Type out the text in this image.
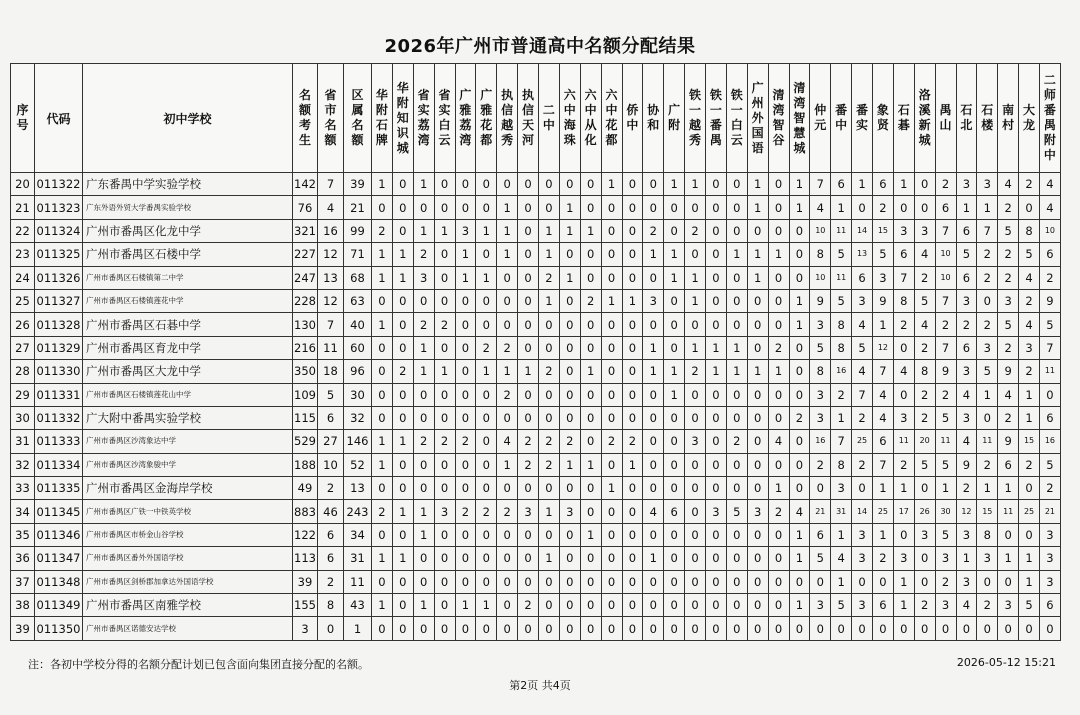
2026年广州市普通高中名额分配结果
序号	代码	初中学校	名额考生	省市名额	区属名额	华附石牌	华附知识城	省实荔湾	省实白云	广雅荔湾	广雅花都	执信越秀	执信天河	二中	六中海珠	六中从化	六中花都	侨中	协和	广附	铁一越秀	铁一番禺	铁一白云	广州外国语	清湾智谷	清湾智慧城	仲元	番中	番实	象贤	石碁	洛溪新城	禺山	石北	石楼	南村	大龙	二师番禺附中
20	011322	广东番禺中学实验学校	142	7	39	1	0	1	0	0	0	0	0	0	0	0	1	0	0	1	1	0	0	1	0	1	7	6	1	6	1	0	2	3	3	4	2	4
21	011323	广东外语外贸大学番禺实验学校	76	4	21	0	0	0	0	0	0	1	0	0	1	0	0	0	0	0	0	0	0	1	0	1	4	1	0	2	0	0	6	1	1	2	0	4
22	011324	广州市番禺区化龙中学	321	16	99	2	0	1	1	3	1	1	0	1	1	1	0	0	2	0	2	0	0	0	0	0	10	11	14	15	3	3	7	6	7	5	8	10
23	011325	广州市番禺区石楼中学	227	12	71	1	1	2	0	1	0	1	0	1	0	0	0	0	1	1	0	0	1	1	1	0	8	5	13	5	6	4	10	5	2	2	5	6
24	011326	广州市番禺区石楼镇第二中学	247	13	68	1	1	3	0	1	1	0	0	2	1	0	0	0	0	1	1	0	0	1	0	0	10	11	6	3	7	2	10	6	2	2	4	2
25	011327	广州市番禺区石楼镇莲花中学	228	12	63	0	0	0	0	0	0	0	0	1	0	2	1	1	3	0	1	0	0	0	0	1	9	5	3	9	8	5	7	3	0	3	2	9
26	011328	广州市番禺区石碁中学	130	7	40	1	0	2	2	0	0	0	0	0	0	0	0	0	0	0	0	0	0	0	0	1	3	8	4	1	2	4	2	2	2	5	4	5
27	011329	广州市番禺区育龙中学	216	11	60	0	0	1	0	0	2	2	0	0	0	0	0	0	1	0	1	1	1	0	2	0	5	8	5	12	0	2	7	6	3	2	3	7
28	011330	广州市番禺区大龙中学	350	18	96	0	2	1	1	0	1	1	1	2	0	1	0	0	1	1	2	1	1	1	1	0	8	16	4	7	4	8	9	3	5	9	2	11
29	011331	广州市番禺区石楼镇莲花山中学	109	5	30	0	0	0	0	0	0	2	0	0	0	0	0	0	0	1	0	0	0	0	0	0	3	2	7	4	0	2	2	4	1	4	1	0
30	011332	广大附中番禺实验学校	115	6	32	0	0	0	0	0	0	0	0	0	0	0	0	0	0	0	0	0	0	0	0	2	3	1	2	4	3	2	5	3	0	2	1	6
31	011333	广州市番禺区沙湾象达中学	529	27	146	1	1	2	2	2	0	4	2	2	2	0	2	2	0	0	3	0	2	0	4	0	16	7	25	6	11	20	11	4	11	9	15	16
32	011334	广州市番禺区沙湾象骏中学	188	10	52	1	0	0	0	0	0	1	2	2	1	1	0	1	0	0	0	0	0	0	0	0	2	8	2	7	2	5	5	9	2	6	2	5
33	011335	广州市番禺区金海岸学校	49	2	13	0	0	0	0	0	0	0	0	0	0	0	1	0	0	0	0	0	0	0	1	0	0	3	0	1	1	0	1	2	1	1	0	2
34	011345	广州市番禺区广铁一中铁英学校	883	46	243	2	1	1	3	2	2	2	3	1	3	0	0	0	4	6	0	3	5	3	2	4	21	31	14	25	17	26	30	12	15	11	25	21
35	011346	广州市番禺区市桥金山谷学校	122	6	34	0	0	1	0	0	0	0	0	0	0	1	0	0	0	0	0	0	0	0	0	1	6	1	3	1	0	3	5	3	8	0	0	3
36	011347	广州市番禺区番外外国语学校	113	6	31	1	1	0	0	0	0	0	0	1	0	0	0	0	1	0	0	0	0	0	0	1	5	4	3	2	3	0	3	1	3	1	1	3
37	011348	广州市番禺区剑桥郡加拿达外国语学校	39	2	11	0	0	0	0	0	0	0	0	0	0	0	0	0	0	0	0	0	0	0	0	0	0	1	0	0	1	0	2	3	0	0	1	3
38	011349	广州市番禺区南雅学校	155	8	43	1	0	1	0	1	1	0	2	0	0	0	0	0	0	0	0	0	0	0	0	1	3	5	3	6	1	2	3	4	2	3	5	6
39	011350	广州市番禺区诺德安达学校	3	0	1	0	0	0	0	0	0	0	0	0	0	0	0	0	0	0	0	0	0	0	0	0	0	0	0	0	0	0	0	0	0	0	0	0
注：各初中学校分得的名额分配计划已包含面向集团直接分配的名额。	2026-05-12 15:21
第2页 共4页
